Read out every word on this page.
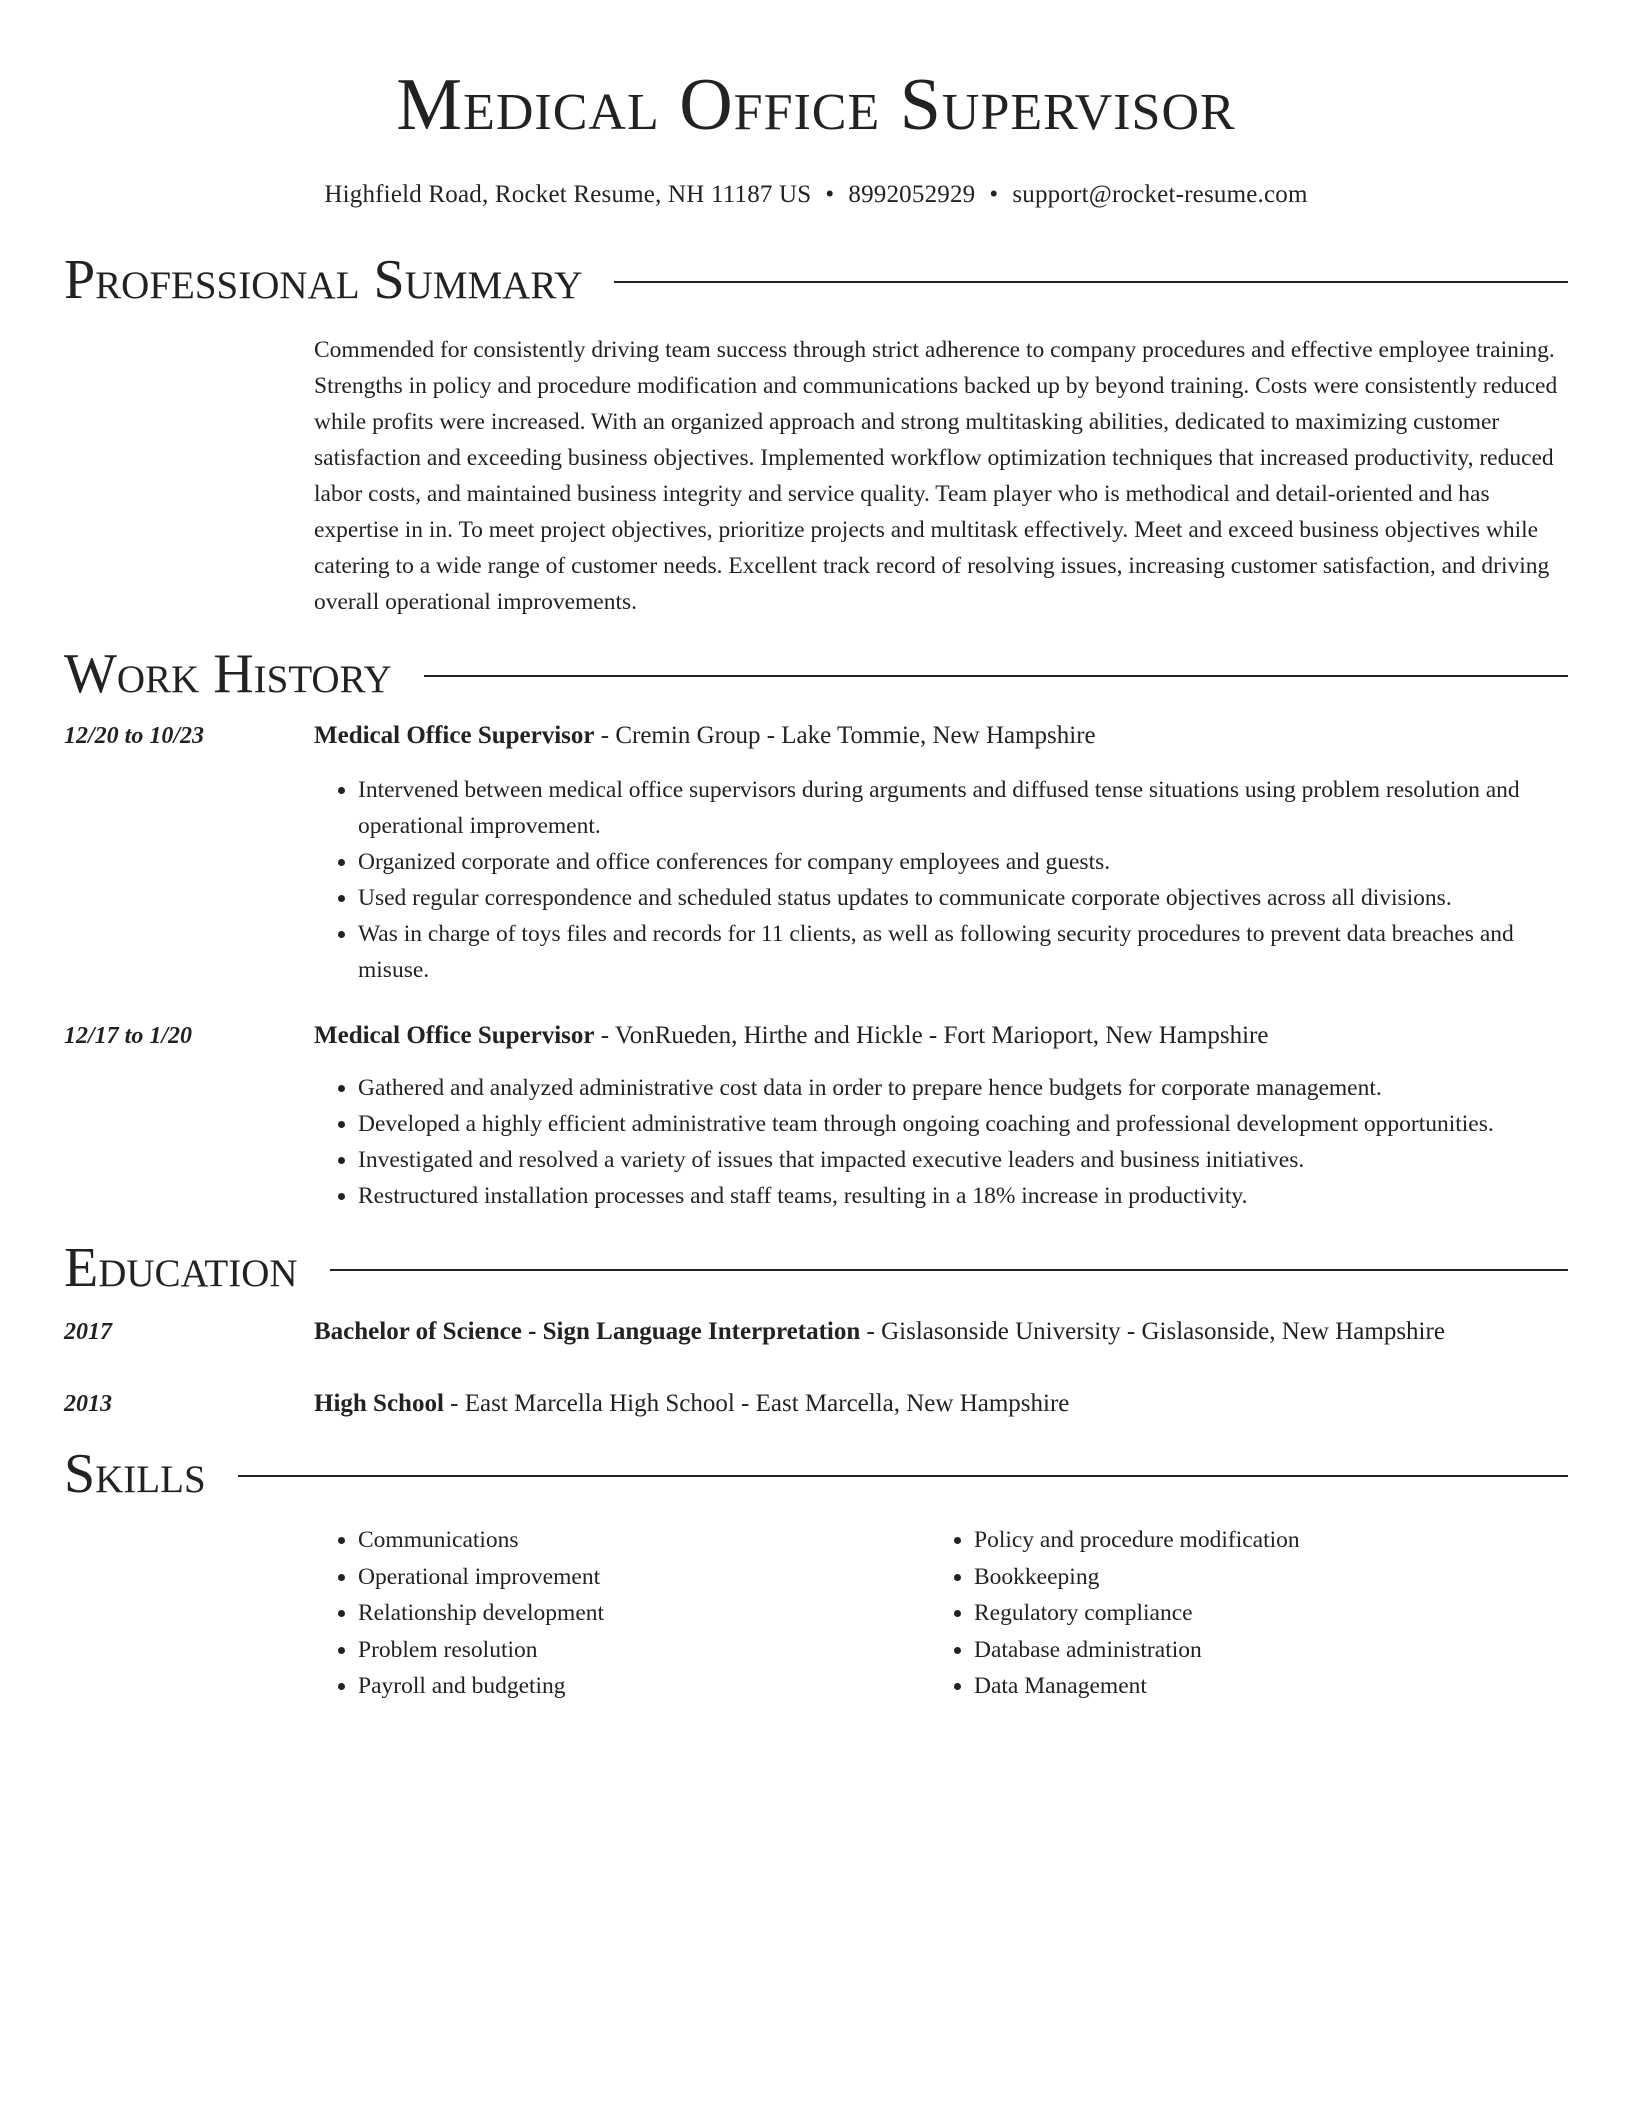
Medical Office Supervisor
Highfield Road, Rocket Resume, NH 11187 US • 8992052929 • support@rocket-resume.com
Professional Summary
Commended for consistently driving team success through strict adherence to company procedures and effective employee training. Strengths in policy and procedure modification and communications backed up by beyond training. Costs were consistently reduced while profits were increased. With an organized approach and strong multitasking abilities, dedicated to maximizing customer satisfaction and exceeding business objectives. Implemented workflow optimization techniques that increased productivity, reduced labor costs, and maintained business integrity and service quality. Team player who is methodical and detail-oriented and has expertise in in. To meet project objectives, prioritize projects and multitask effectively. Meet and exceed business objectives while catering to a wide range of customer needs. Excellent track record of resolving issues, increasing customer satisfaction, and driving overall operational improvements.
Work History
12/20 to 10/23	Medical Office Supervisor - Cremin Group - Lake Tommie, New Hampshire
• Intervened between medical office supervisors during arguments and diffused tense situations using problem resolution and operational improvement.
• Organized corporate and office conferences for company employees and guests.
• Used regular correspondence and scheduled status updates to communicate corporate objectives across all divisions.
• Was in charge of toys files and records for 11 clients, as well as following security procedures to prevent data breaches and misuse.
12/17 to 1/20	Medical Office Supervisor - VonRueden, Hirthe and Hickle - Fort Marioport, New Hampshire
• Gathered and analyzed administrative cost data in order to prepare hence budgets for corporate management.
• Developed a highly efficient administrative team through ongoing coaching and professional development opportunities.
• Investigated and resolved a variety of issues that impacted executive leaders and business initiatives.
• Restructured installation processes and staff teams, resulting in a 18% increase in productivity.
Education
2017	Bachelor of Science - Sign Language Interpretation - Gislasonside University - Gislasonside, New Hampshire
2013	High School - East Marcella High School - East Marcella, New Hampshire
Skills
• Communications
• Operational improvement
• Relationship development
• Problem resolution
• Payroll and budgeting
• Policy and procedure modification
• Bookkeeping
• Regulatory compliance
• Database administration
• Data Management
